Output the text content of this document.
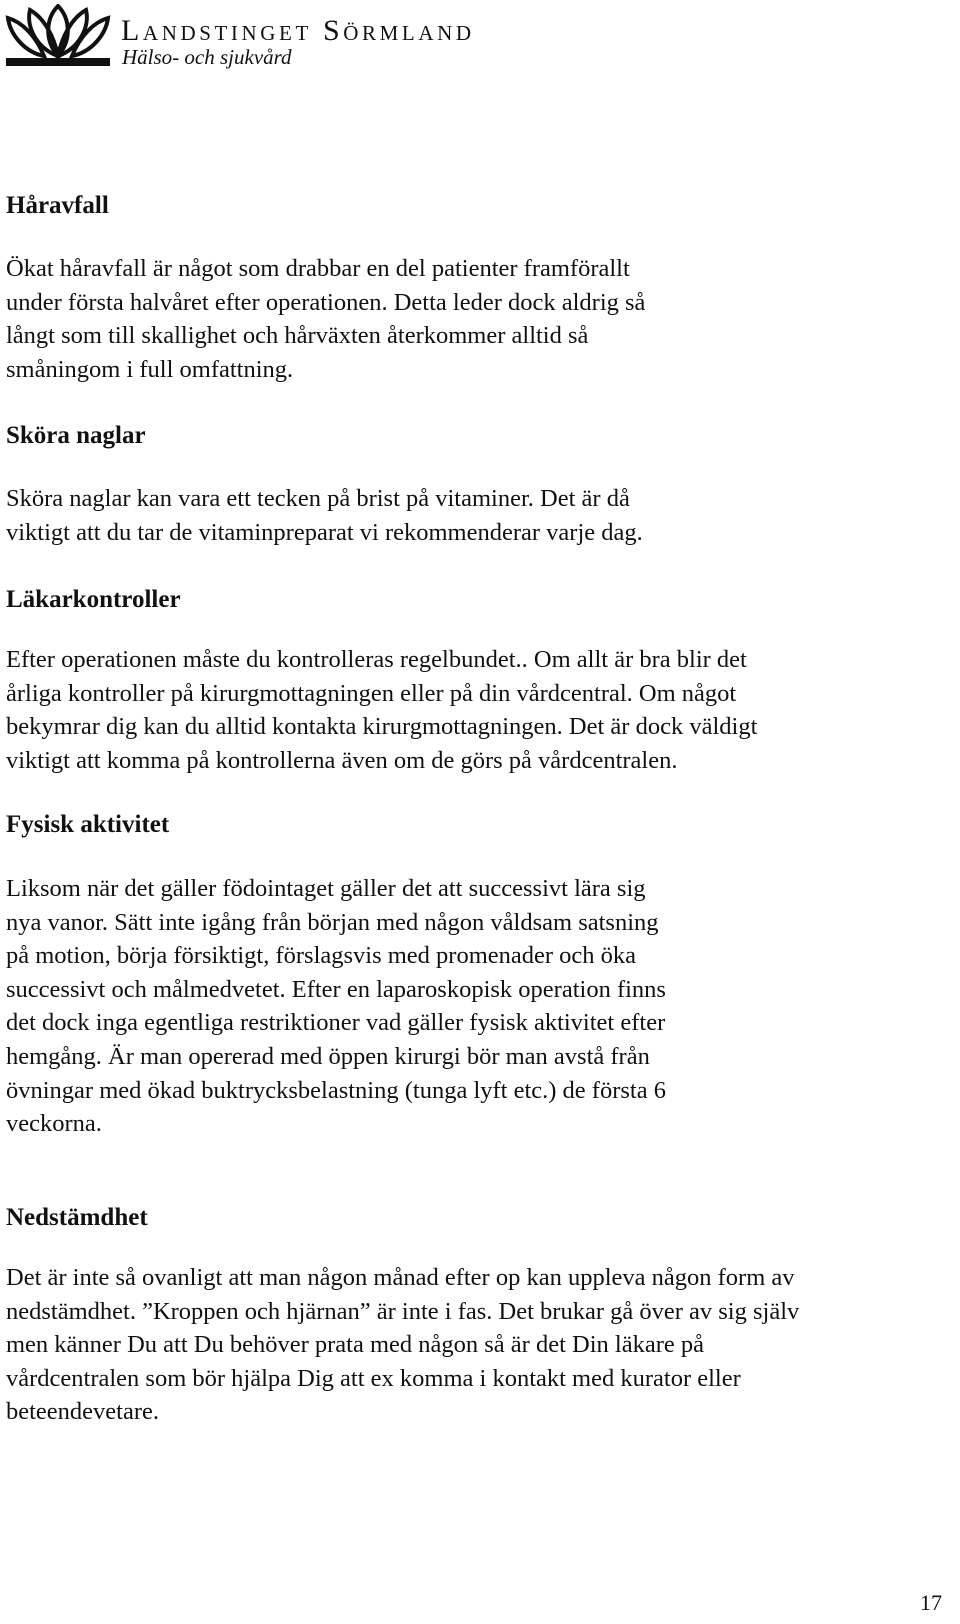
Landstinget Sörmland
Hälso- och sjukvård
Håravfall
Ökat håravfall är något som drabbar en del patienter framförallt
under första halvåret efter operationen. Detta leder dock aldrig så
långt som till skallighet och hårväxten återkommer alltid så
småningom i full omfattning.
Sköra naglar
Sköra naglar kan vara ett tecken på brist på vitaminer. Det är då
viktigt att du tar de vitaminpreparat vi rekommenderar varje dag.
Läkarkontroller
Efter operationen måste du kontrolleras regelbundet.. Om allt är bra blir det
årliga kontroller på kirurgmottagningen eller på din vårdcentral. Om något
bekymrar dig kan du alltid kontakta kirurgmottagningen. Det är dock väldigt
viktigt att komma på kontrollerna även om de görs på vårdcentralen.
Fysisk aktivitet
Liksom när det gäller födointaget gäller det att successivt lära sig
nya vanor. Sätt inte igång från början med någon våldsam satsning
på motion, börja försiktigt, förslagsvis med promenader och öka
successivt och målmedvetet. Efter en laparoskopisk operation finns
det dock inga egentliga restriktioner vad gäller fysisk aktivitet efter
hemgång. Är man opererad med öppen kirurgi bör man avstå från
övningar med ökad buktrycksbelastning (tunga lyft etc.) de första 6
veckorna.
Nedstämdhet
Det är inte så ovanligt att man någon månad efter op kan uppleva någon form av
nedstämdhet. ”Kroppen och hjärnan” är inte i fas. Det brukar gå över av sig själv
men känner Du att Du behöver prata med någon så är det Din läkare på
vårdcentralen som bör hjälpa Dig att ex komma i kontakt med kurator eller
beteendevetare.
17
